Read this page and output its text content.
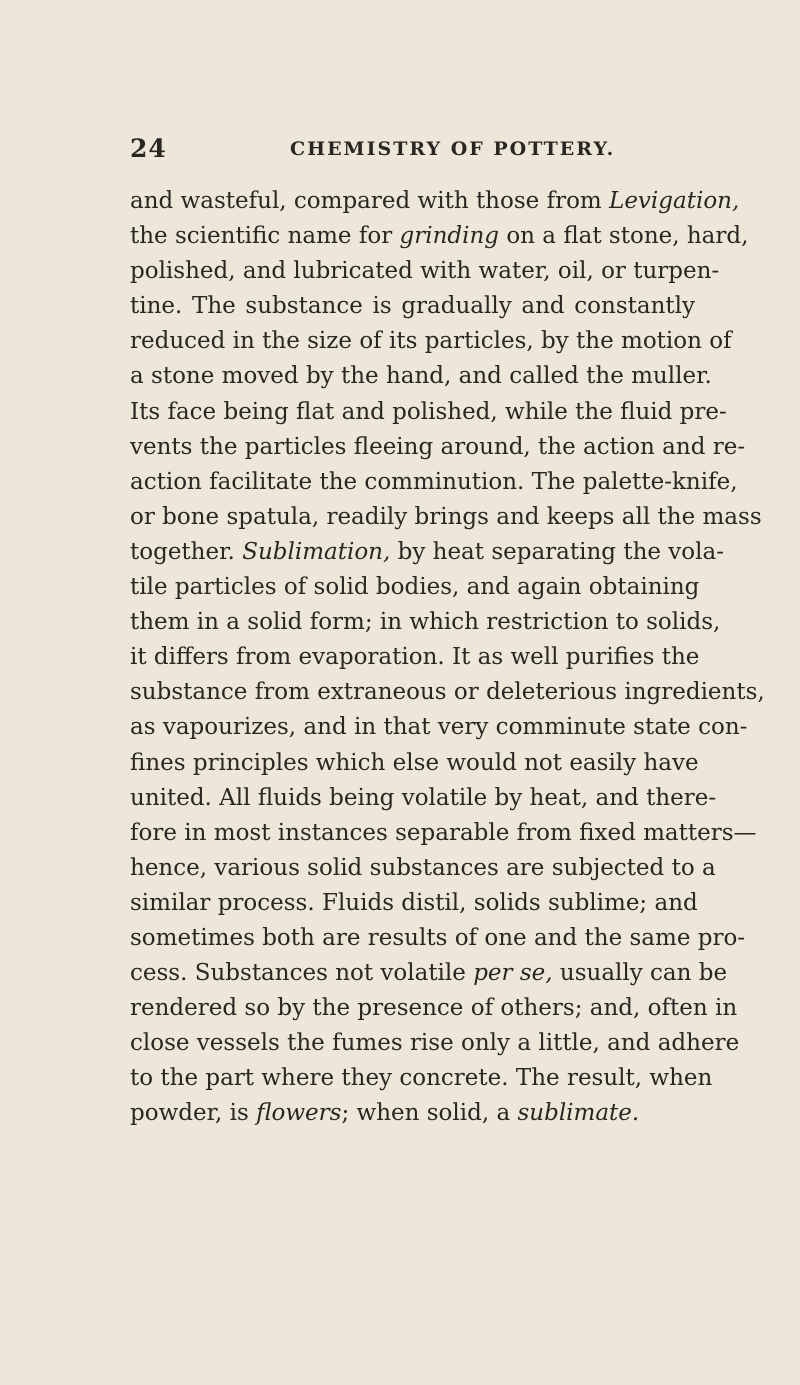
24	CHEMISTRY OF POTTERY.
and wasteful, compared with those from Levigation,
the scientific name for grinding on a flat stone, hard,
polished, and lubricated with water, oil, or turpen-
tine. The substance is gradually and constantly
reduced in the size of its particles, by the motion of
a stone moved by the hand, and called the muller.
Its face being flat and polished, while the fluid pre-
vents the particles fleeing around, the action and re-
action facilitate the comminution. The palette-knife,
or bone spatula, readily brings and keeps all the mass
together. Sublimation, by heat separating the vola-
tile particles of solid bodies, and again obtaining
them in a solid form; in which restriction to solids,
it differs from evaporation. It as well purifies the
substance from extraneous or deleterious ingredients,
as vapourizes, and in that very comminute state con-
fines principles which else would not easily have
united. All fluids being volatile by heat, and there-
fore in most instances separable from fixed matters—
hence, various solid substances are subjected to a
similar process. Fluids distil, solids sublime; and
sometimes both are results of one and the same pro-
cess. Substances not volatile per se, usually can be
rendered so by the presence of others; and, often in
close vessels the fumes rise only a little, and adhere
to the part where they concrete. The result, when
powder, is flowers; when solid, a sublimate.
